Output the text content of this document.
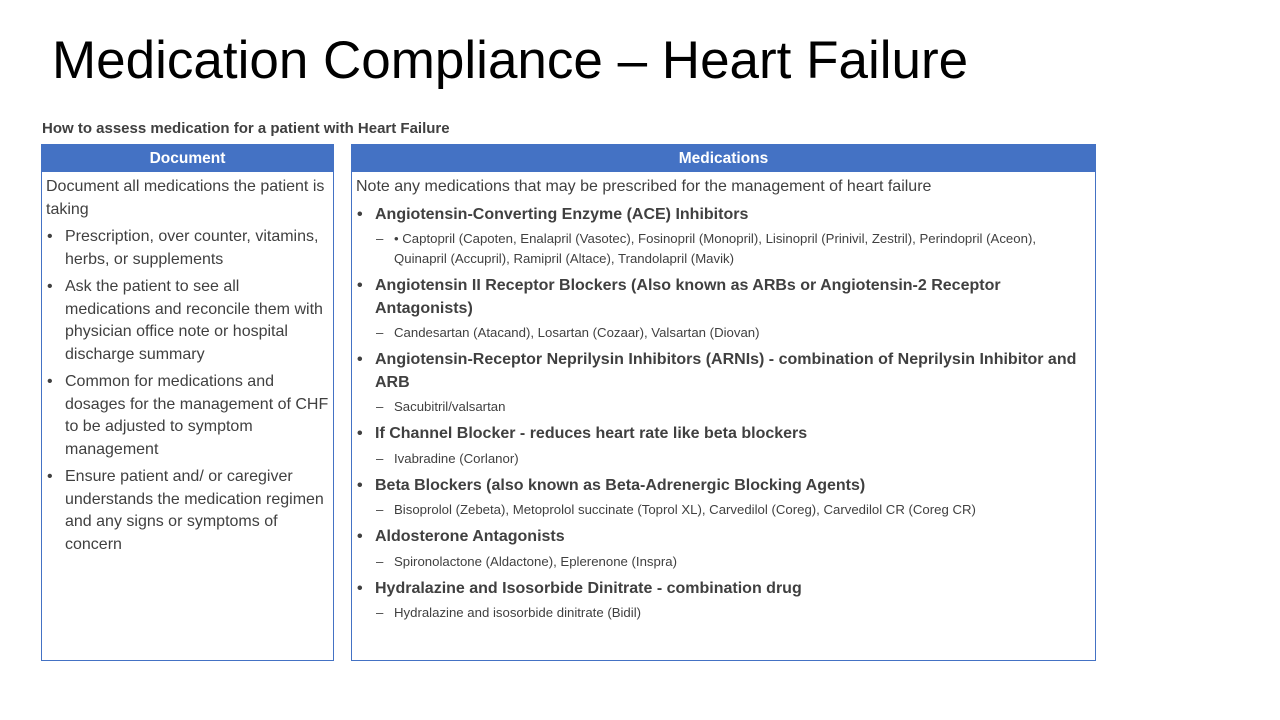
Medication Compliance – Heart Failure
How to assess medication for a patient with Heart Failure
Document

Document all medications the patient is taking

• Prescription, over counter, vitamins, herbs, or supplements
• Ask the patient to see all medications and reconcile them with physician office note or hospital discharge summary
• Common for medications and dosages for the management of CHF to be adjusted to symptom management
• Ensure patient and/ or caregiver understands the medication regimen and any signs or symptoms of concern
Medications

Note any medications that may be prescribed for the management of heart failure

• Angiotensin-Converting Enzyme (ACE) Inhibitors
– • Captopril (Capoten, Enalapril (Vasotec), Fosinopril (Monopril), Lisinopril (Prinivil, Zestril), Perindopril (Aceon), Quinapril (Accupril), Ramipril (Altace), Trandolapril (Mavik)
• Angiotensin II Receptor Blockers (Also known as ARBs or Angiotensin-2 Receptor Antagonists)
– Candesartan (Atacand), Losartan (Cozaar), Valsartan (Diovan)
• Angiotensin-Receptor Neprilysin Inhibitors (ARNIs) - combination of Neprilysin Inhibitor and ARB
– Sacubitril/valsartan
• If Channel Blocker - reduces heart rate like beta blockers
– Ivabradine (Corlanor)
• Beta Blockers (also known as Beta-Adrenergic Blocking Agents)
– Bisoprolol (Zebeta), Metoprolol succinate (Toprol XL), Carvedilol (Coreg), Carvedilol CR (Coreg CR)
• Aldosterone Antagonists
– Spironolactone (Aldactone), Eplerenone (Inspra)
• Hydralazine and Isosorbide Dinitrate - combination drug
– Hydralazine and isosorbide dinitrate (Bidil)
